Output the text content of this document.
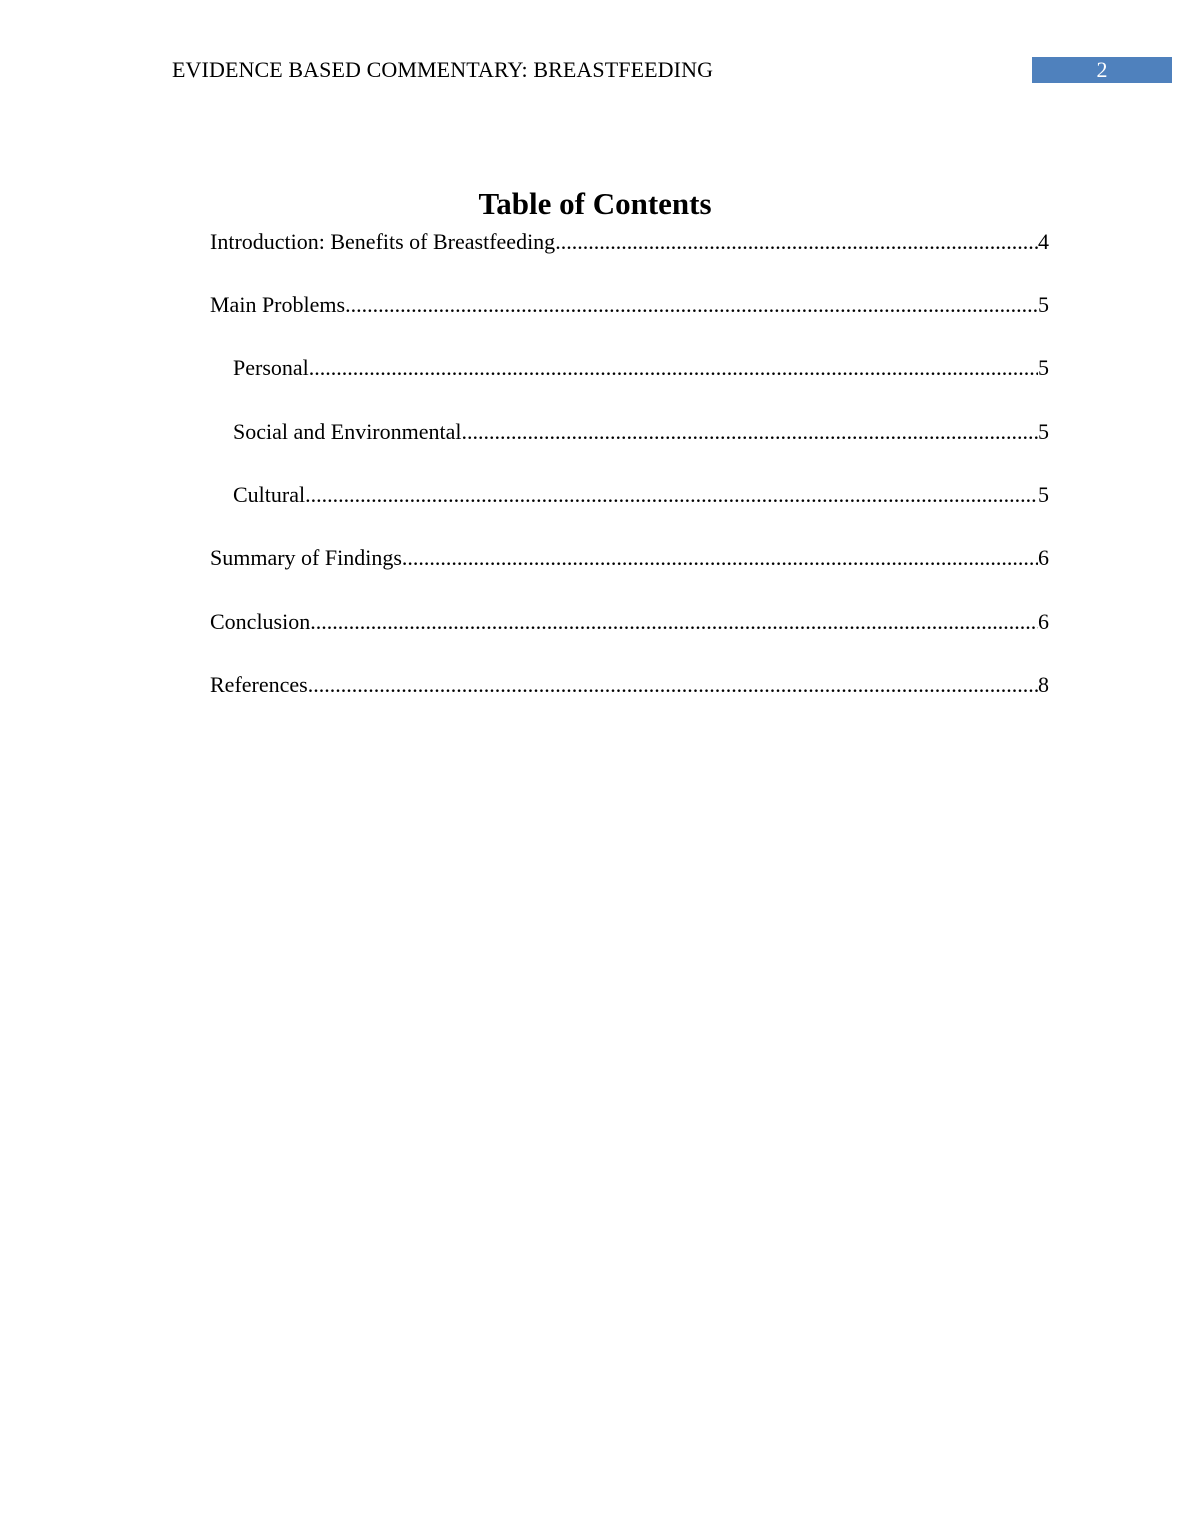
EVIDENCE BASED COMMENTARY: BREASTFEEDING	2
Table of Contents
Introduction: Benefits of Breastfeeding .....	4
Main Problems .....	5
Personal .....	5
Social and Environmental .....	5
Cultural .....	5
Summary of Findings .....	6
Conclusion .....	6
References .....	8
